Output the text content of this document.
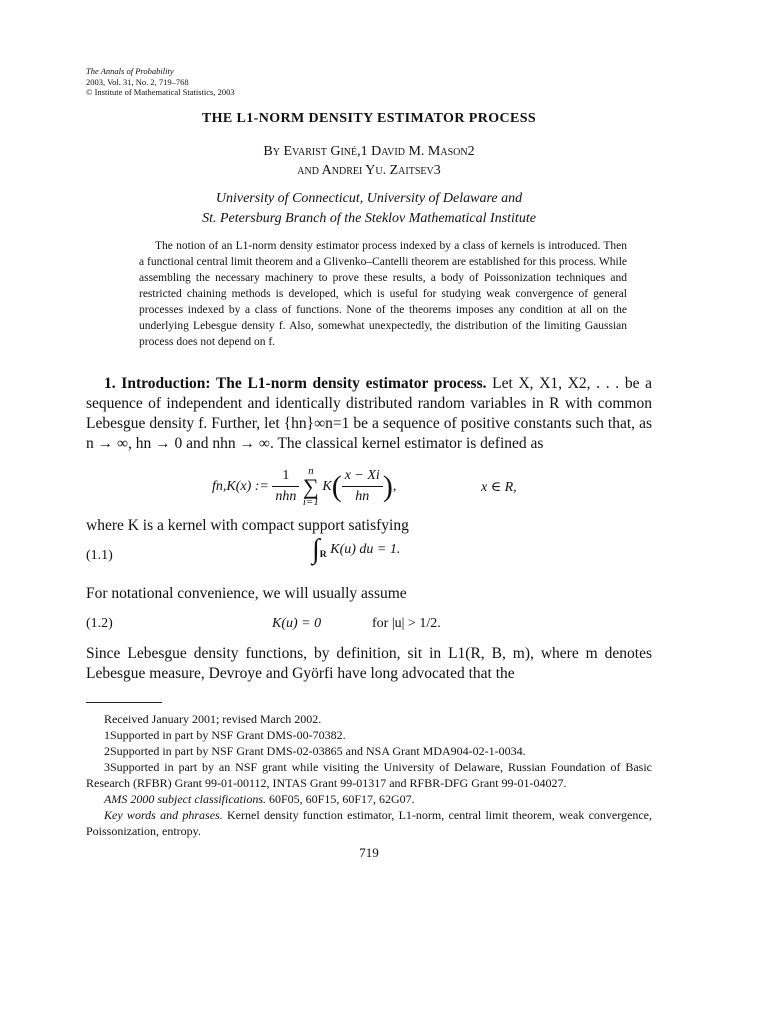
The Annals of Probability
2003, Vol. 31, No. 2, 719–768
© Institute of Mathematical Statistics, 2003
THE L1-NORM DENSITY ESTIMATOR PROCESS
By Evarist Giné,1 David M. Mason2
and Andrei Yu. Zaitsev3
University of Connecticut, University of Delaware and
St. Petersburg Branch of the Steklov Mathematical Institute
The notion of an L1-norm density estimator process indexed by a class of kernels is introduced. Then a functional central limit theorem and a Glivenko–Cantelli theorem are established for this process. While assembling the necessary machinery to prove these results, a body of Poissonization techniques and restricted chaining methods is developed, which is useful for studying weak convergence of general processes indexed by a class of functions. None of the theorems imposes any condition at all on the underlying Lebesgue density f. Also, somewhat unexpectedly, the distribution of the limiting Gaussian process does not depend on f.
1. Introduction: The L1-norm density estimator process. Let X, X1, X2, . . . be a sequence of independent and identically distributed random variables in R with common Lebesgue density f. Further, let {hn}∞n=1 be a sequence of positive constants such that, as n → ∞, hn → 0 and nhn → ∞. The classical kernel estimator is defined as
fn,K(x) := $\frac{1}{\text{nhn}}$ n
∑
i=1 $K( \frac{x - Xi}{hn}$ ),	x ∈ R,
where K is a kernel with compact support satisfying
(1.1)	$\int_R$ K(u) du = 1.
For notational convenience, we will usually assume
(1.2)	K(u) = 0	for |u| > 1/2.
Since Lebesgue density functions, by definition, sit in L1(R, B, m), where m denotes Lebesgue measure, Devroye and Györfi have long advocated that the

Received January 2001; revised March 2002.

1Supported in part by NSF Grant DMS-00-70382.

2Supported in part by NSF Grant DMS-02-03865 and NSA Grant MDA904-02-1-0034.

3Supported in part by an NSF grant while visiting the University of Delaware, Russian Foundation of Basic Research (RFBR) Grant 99-01-00112, INTAS Grant 99-01317 and RFBR-DFG Grant 99-01-04027.

AMS 2000 subject classifications. 60F05, 60F15, 60F17, 62G07.

Key words and phrases. Kernel density function estimator, L1-norm, central limit theorem, weak convergence, Poissonization, entropy.

719
